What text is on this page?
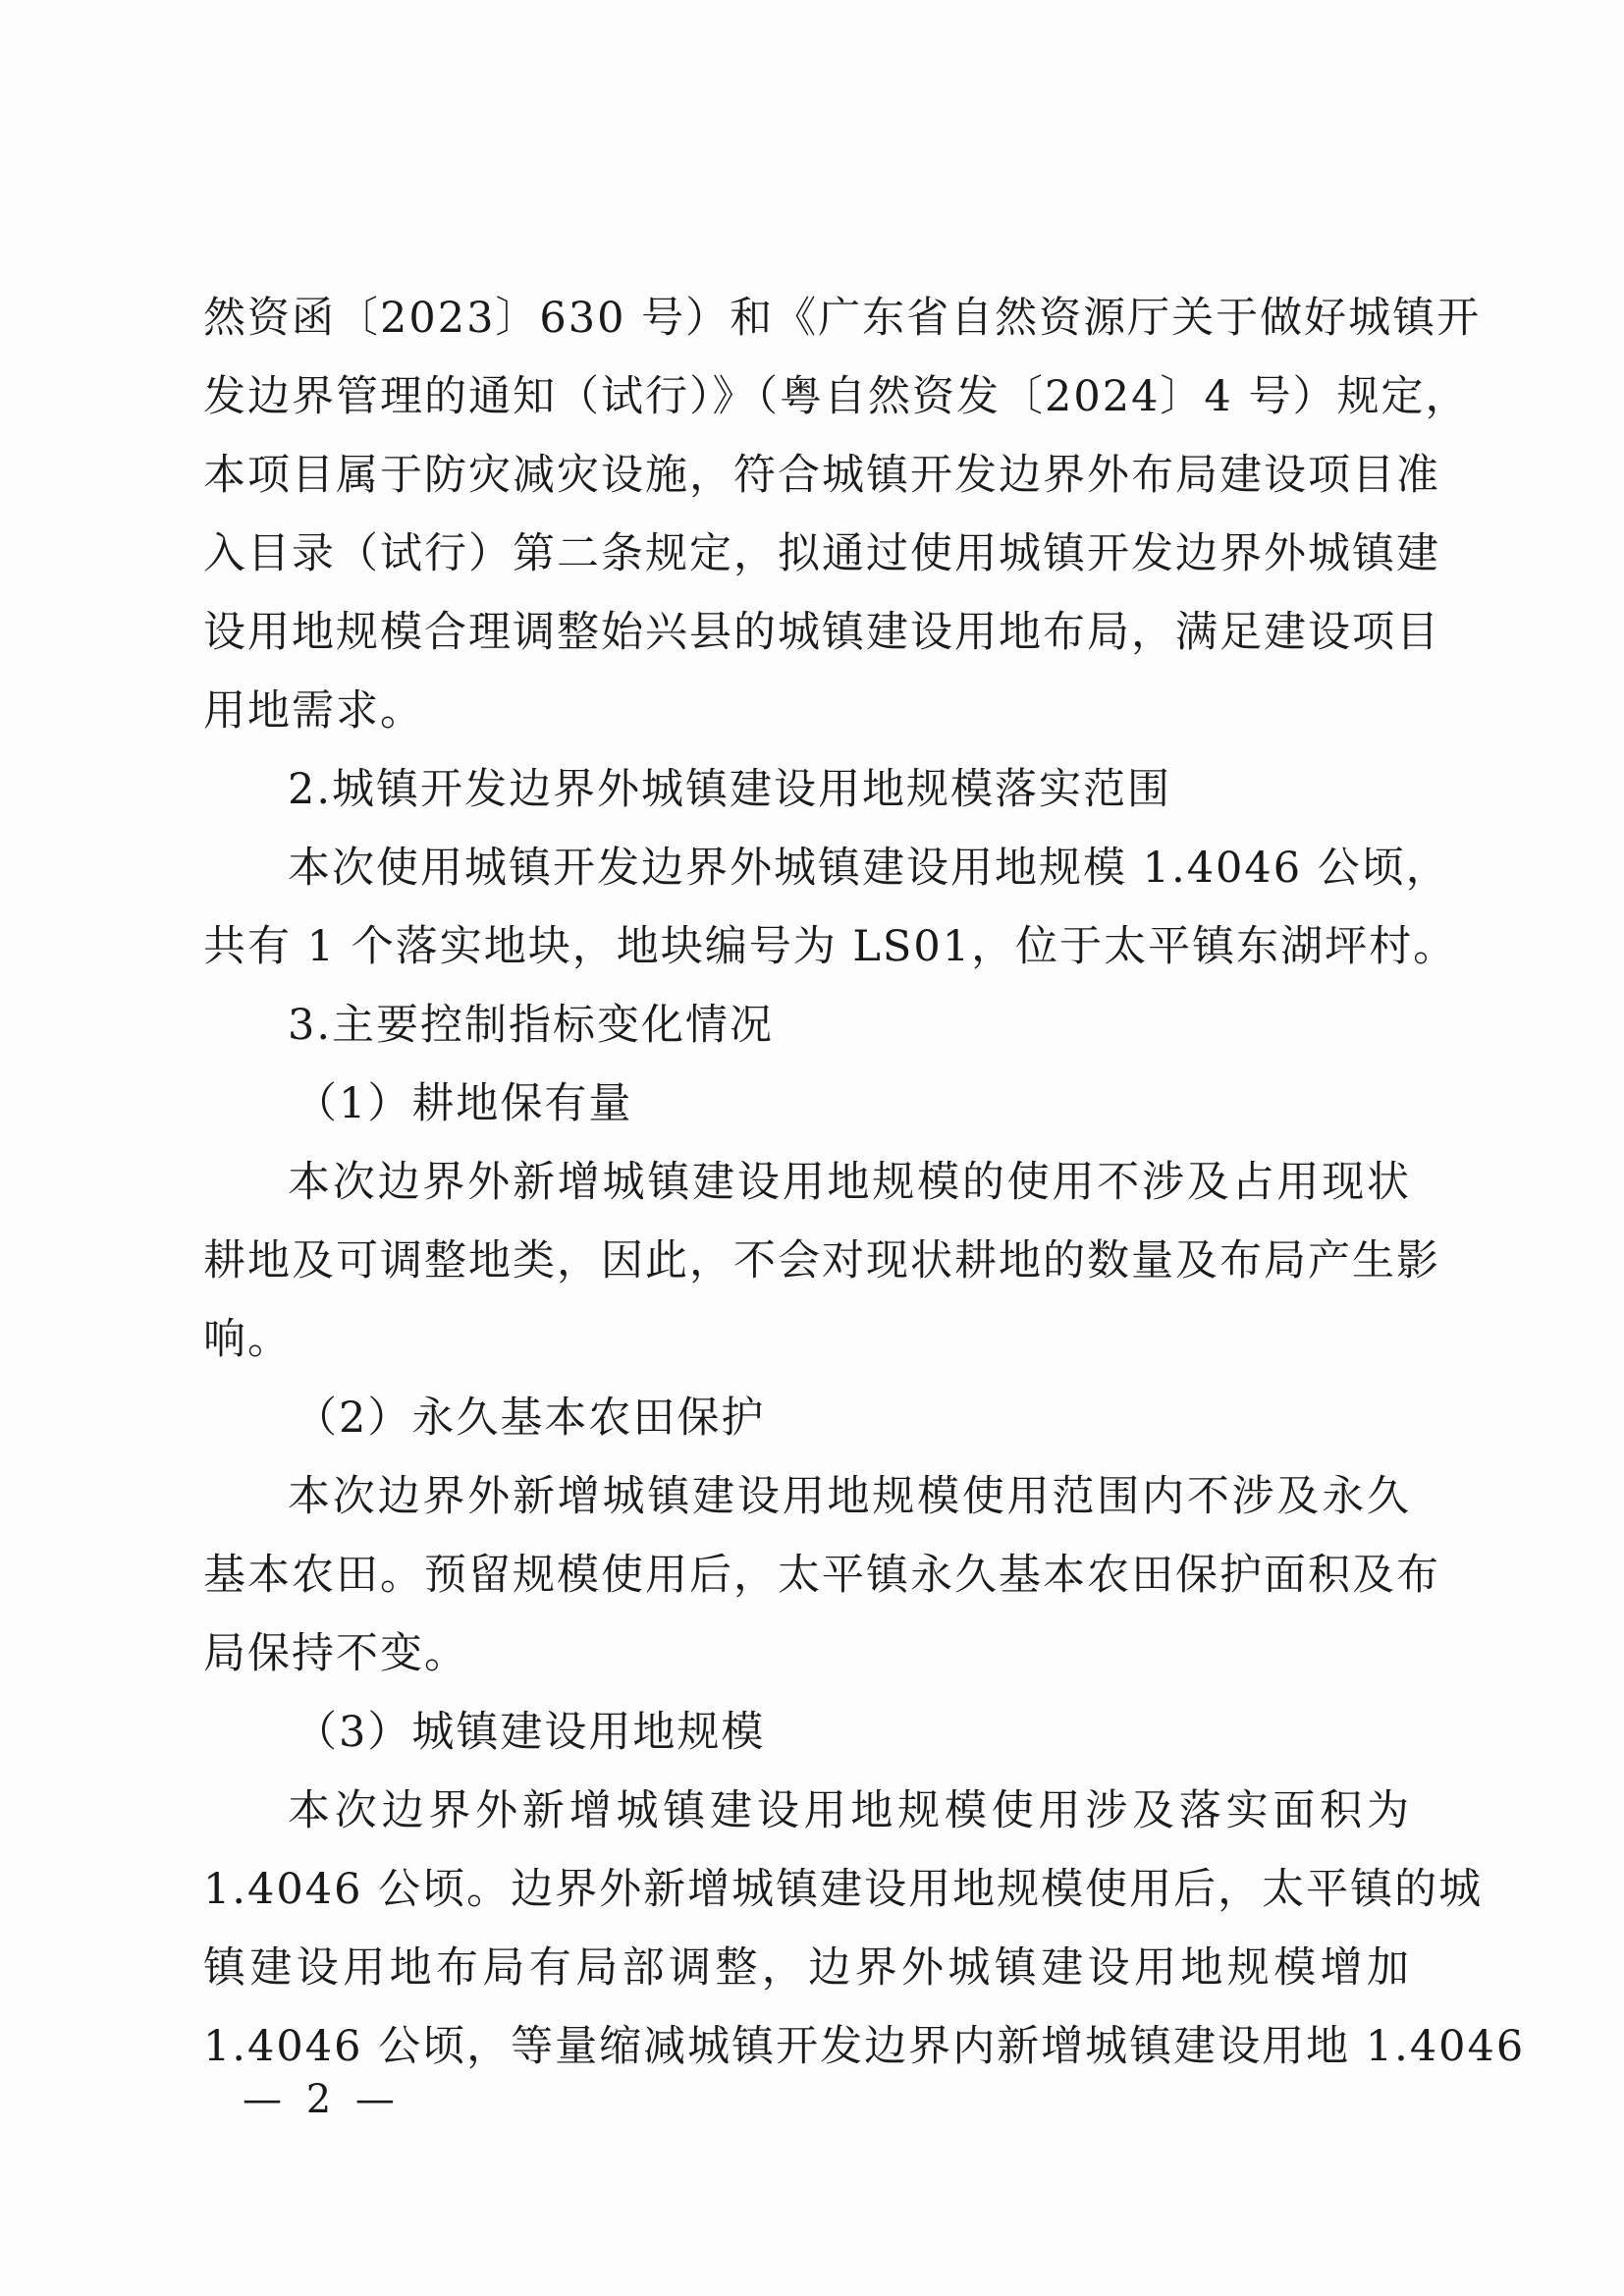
然资函〔2023〕630 号）和《广东省自然资源厅关于做好城镇开
发边界管理的通知（试行）》（粤自然资发〔2024〕4 号）规定，
本项目属于防灾减灾设施，符合城镇开发边界外布局建设项目准
入目录（试行）第二条规定，拟通过使用城镇开发边界外城镇建
设用地规模合理调整始兴县的城镇建设用地布局，满足建设项目
用地需求。
2.城镇开发边界外城镇建设用地规模落实范围
本次使用城镇开发边界外城镇建设用地规模 1.4046 公顷，
共有 1 个落实地块，地块编号为 LS01，位于太平镇东湖坪村。
3.主要控制指标变化情况
（1）耕地保有量
本次边界外新增城镇建设用地规模的使用不涉及占用现状
耕地及可调整地类，因此，不会对现状耕地的数量及布局产生影
响。
（2）永久基本农田保护
本次边界外新增城镇建设用地规模使用范围内不涉及永久
基本农田。预留规模使用后，太平镇永久基本农田保护面积及布
局保持不变。
（3）城镇建设用地规模
本次边界外新增城镇建设用地规模使用涉及落实面积为
1.4046 公顷。边界外新增城镇建设用地规模使用后，太平镇的城
镇建设用地布局有局部调整，边界外城镇建设用地规模增加
1.4046 公顷，等量缩减城镇开发边界内新增城镇建设用地 1.4046
— 2 —
